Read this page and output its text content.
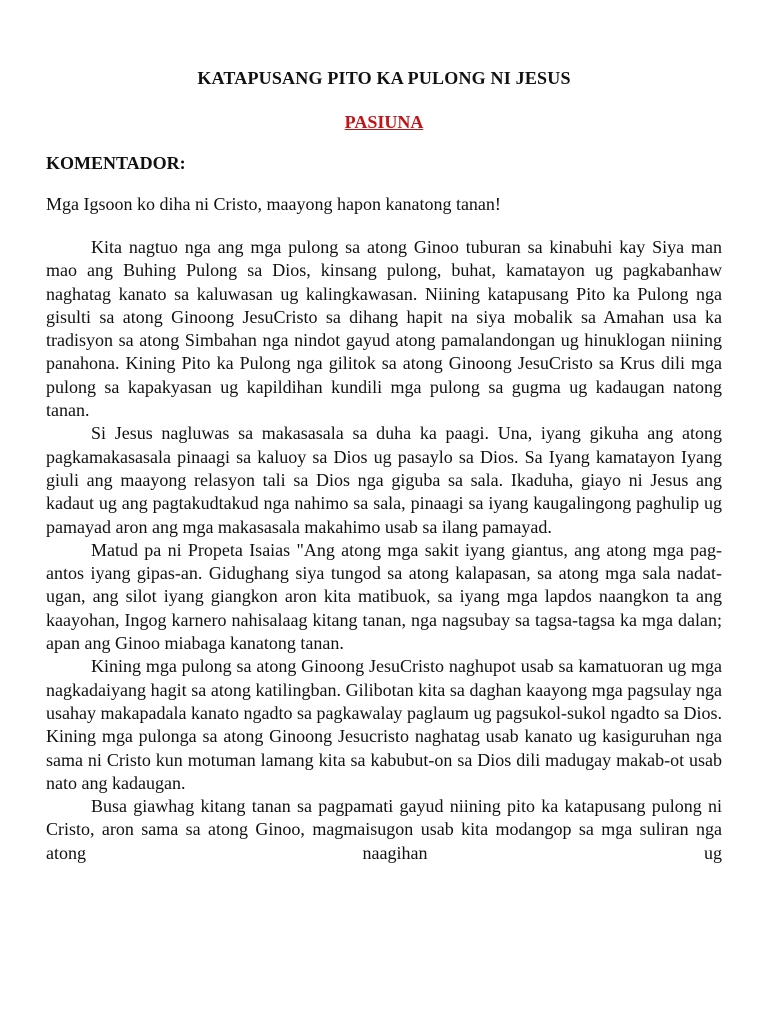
KATAPUSANG PITO KA PULONG NI JESUS
PASIUNA

KOMENTADOR:

Mga Igsoon ko diha ni Cristo, maayong hapon kanatong tanan!

Kita nagtuo nga ang mga pulong sa atong Ginoo tuburan sa kinabuhi kay Siya man mao ang Buhing Pulong sa Dios, kinsang pulong, buhat, kamatayon ug pagkabanhaw naghatag kanato sa kaluwasan ug kalingkawasan. Niining katapusang Pito ka Pulong nga gisulti sa atong Ginoong JesuCristo sa dihang hapit na siya mobalik sa Amahan usa ka tradisyon sa atong Simbahan nga nindot gayud atong pamalandongan ug hinuklogan niining panahona. Kining Pito ka Pulong nga gilitok sa atong Ginoong JesuCristo sa Krus dili mga pulong sa kapakyasan ug kapildihan kundili mga pulong sa gugma ug kadaugan natong tanan.

Si Jesus nagluwas sa makasasala sa duha ka paagi. Una, iyang gikuha ang atong pagkamakasasala pinaagi sa kaluoy sa Dios ug pasaylo sa Dios. Sa Iyang kamatayon Iyang giuli ang maayong relasyon tali sa Dios nga giguba sa sala. Ikaduha, giayo ni Jesus ang kadaut ug ang pagtakudtakud nga nahimo sa sala, pinaagi sa iyang kaugalingong paghulip ug pamayad aron ang mga makasasala makahimo usab sa ilang pamayad.

Matud pa ni Propeta Isaias "Ang atong mga sakit iyang giantus, ang atong mga pag-antos iyang gipas-an. Gidughang siya tungod sa atong kalapasan, sa atong mga sala nadat-ugan, ang silot iyang giangkon aron kita matibuok, sa iyang mga lapdos naangkon ta ang kaayohan, Ingog karnero nahisalaag kitang tanan, nga nagsubay sa tagsa-tagsa ka mga dalan; apan ang Ginoo miabaga kanatong tanan.

Kining mga pulong sa atong Ginoong JesuCristo naghupot usab sa kamatuoran ug mga nagkadaiyang hagit sa atong katilingban. Gilibotan kita sa daghan kaayong mga pagsulay nga usahay makapadala kanato ngadto sa pagkawalay paglaum ug pagsukol-sukol ngadto sa Dios. Kining mga pulonga sa atong Ginoong Jesucristo naghatag usab kanato ug kasiguruhan nga sama ni Cristo kun motuman lamang kita sa kabubut-on sa Dios dili madugay makab-ot usab nato ang kadaugan.

Busa giawhag kitang tanan sa pagpamati gayud niining pito ka katapusang pulong ni Cristo, aron sama sa atong Ginoo, magmaisugon usab kita modangop sa mga suliran nga atong naagihan ug
